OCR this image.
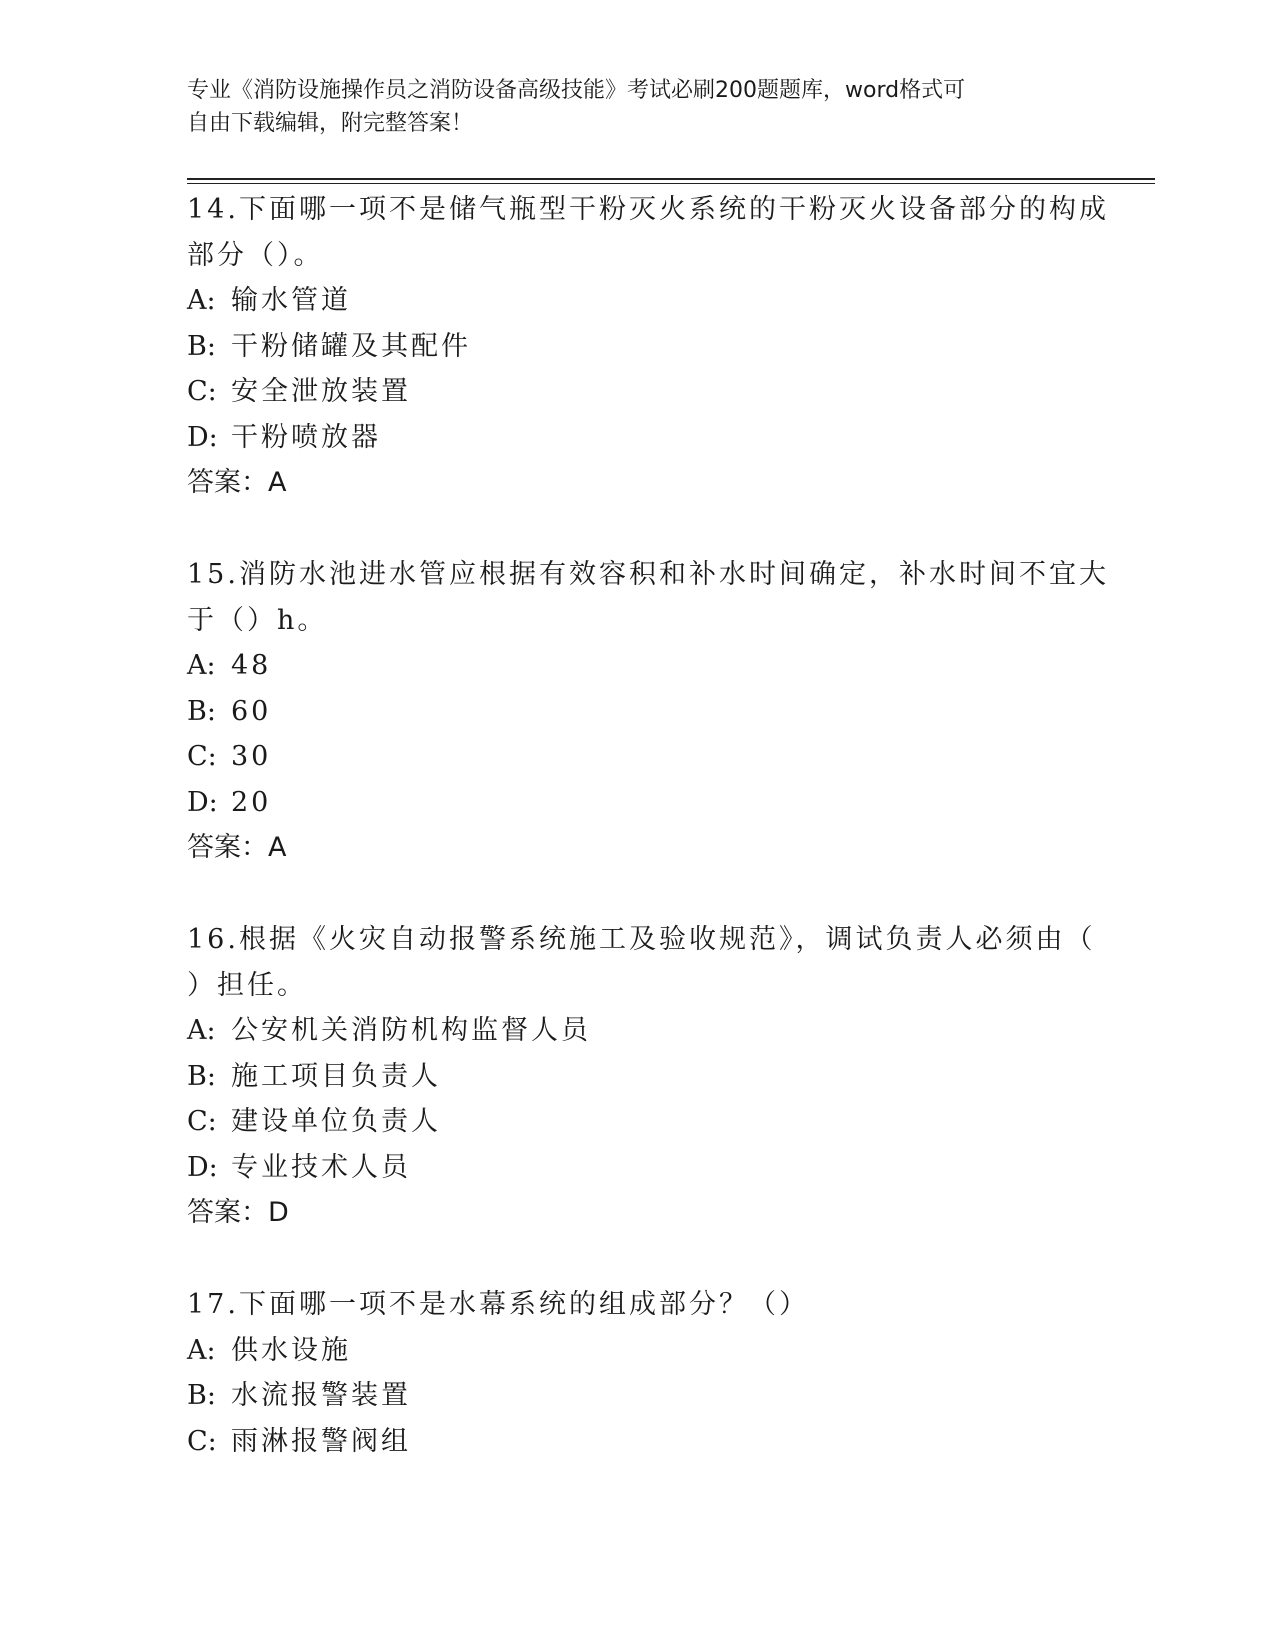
专业《消防设施操作员之消防设备高级技能》考试必刷200题题库，word格式可

自由下载编辑，附完整答案！

14.下面哪一项不是储气瓶型干粉灭火系统的干粉灭火设备部分的构成
部分（）。
A: 输水管道
B: 干粉储罐及其配件
C: 安全泄放装置
D: 干粉喷放器
答案：A
15.消防水池进水管应根据有效容积和补水时间确定，补水时间不宜大
于（）h。
A: 48
B: 60
C: 30
D: 20
答案：A
16.根据《火灾自动报警系统施工及验收规范》，调试负责人必须由（
）担任。
A: 公安机关消防机构监督人员
B: 施工项目负责人
C: 建设单位负责人
D: 专业技术人员
答案：D
17.下面哪一项不是水幕系统的组成部分？（）
A: 供水设施
B: 水流报警装置
C: 雨淋报警阀组
